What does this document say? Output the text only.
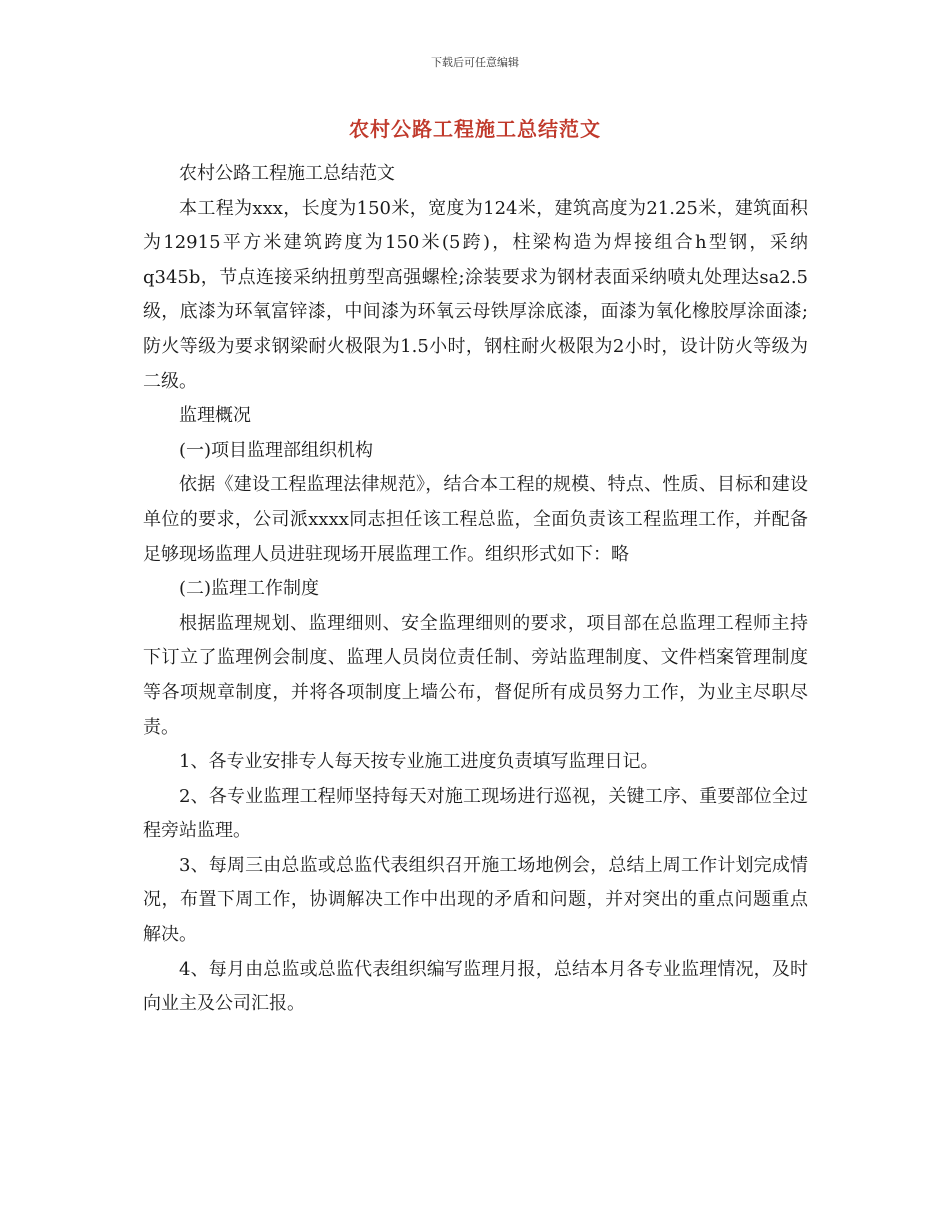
下载后可任意编辑
农村公路工程施工总结范文

农村公路工程施工总结范文

本工程为xxx，长度为150米，宽度为124米，建筑高度为21.25米，建筑面积为12915平方米建筑跨度为150米(5跨)，柱梁构造为焊接组合h型钢，采纳q345b，节点连接采纳扭剪型高强螺栓;涂装要求为钢材表面采纳喷丸处理达sa2.5级，底漆为环氧富锌漆，中间漆为环氧云母铁厚涂底漆，面漆为氧化橡胶厚涂面漆;防火等级为要求钢梁耐火极限为1.5小时，钢柱耐火极限为2小时，设计防火等级为二级。

监理概况

(一)项目监理部组织机构

依据《建设工程监理法律规范》，结合本工程的规模、特点、性质、目标和建设单位的要求，公司派xxxx同志担任该工程总监，全面负责该工程监理工作，并配备足够现场监理人员进驻现场开展监理工作。组织形式如下：略

(二)监理工作制度

根据监理规划、监理细则、安全监理细则的要求，项目部在总监理工程师主持下订立了监理例会制度、监理人员岗位责任制、旁站监理制度、文件档案管理制度等各项规章制度，并将各项制度上墙公布，督促所有成员努力工作，为业主尽职尽责。

1、各专业安排专人每天按专业施工进度负责填写监理日记。

2、各专业监理工程师坚持每天对施工现场进行巡视，关键工序、重要部位全过程旁站监理。

3、每周三由总监或总监代表组织召开施工场地例会，总结上周工作计划完成情况，布置下周工作，协调解决工作中出现的矛盾和问题，并对突出的重点问题重点解决。

4、每月由总监或总监代表组织编写监理月报，总结本月各专业监理情况，及时向业主及公司汇报。
